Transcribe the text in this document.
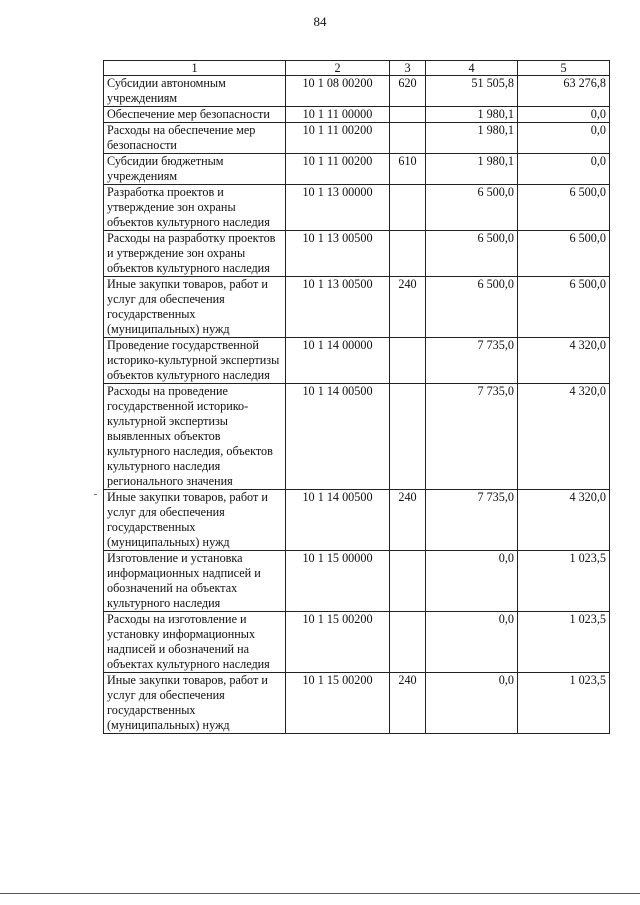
84
1	2	3	4	5
Субсидии автономным учреждениям	10 1 08 00200	620	51 505,8	63 276,8
Обеспечение мер безопасности	10 1 11 00000		1 980,1	0,0
Расходы на обеспечение мер безопасности	10 1 11 00200		1 980,1	0,0
Субсидии бюджетным учреждениям	10 1 11 00200	610	1 980,1	0,0
Разработка проектов и утверждение зон охраны объектов культурного наследия	10 1 13 00000		6 500,0	6 500,0
Расходы на разработку проектов и утверждение зон охраны объектов культурного наследия	10 1 13 00500		6 500,0	6 500,0
Иные закупки товаров, работ и услуг для обеспечения государственных (муниципальных) нужд	10 1 13 00500	240	6 500,0	6 500,0
Проведение государственной историко-культурной экспертизы объектов культурного наследия	10 1 14 00000		7 735,0	4 320,0
Расходы на проведение государственной историко-культурной экспертизы выявленных объектов культурного наследия, объектов культурного наследия регионального значения	10 1 14 00500		7 735,0	4 320,0
Иные закупки товаров, работ и услуг для обеспечения государственных (муниципальных) нужд	10 1 14 00500	240	7 735,0	4 320,0
Изготовление и установка информационных надписей и обозначений на объектах культурного наследия	10 1 15 00000		0,0	1 023,5
Расходы на изготовление и установку информационных надписей и обозначений на объектах культурного наследия	10 1 15 00200		0,0	1 023,5
Иные закупки товаров, работ и услуг для обеспечения государственных (муниципальных) нужд	10 1 15 00200	240	0,0	1 023,5
